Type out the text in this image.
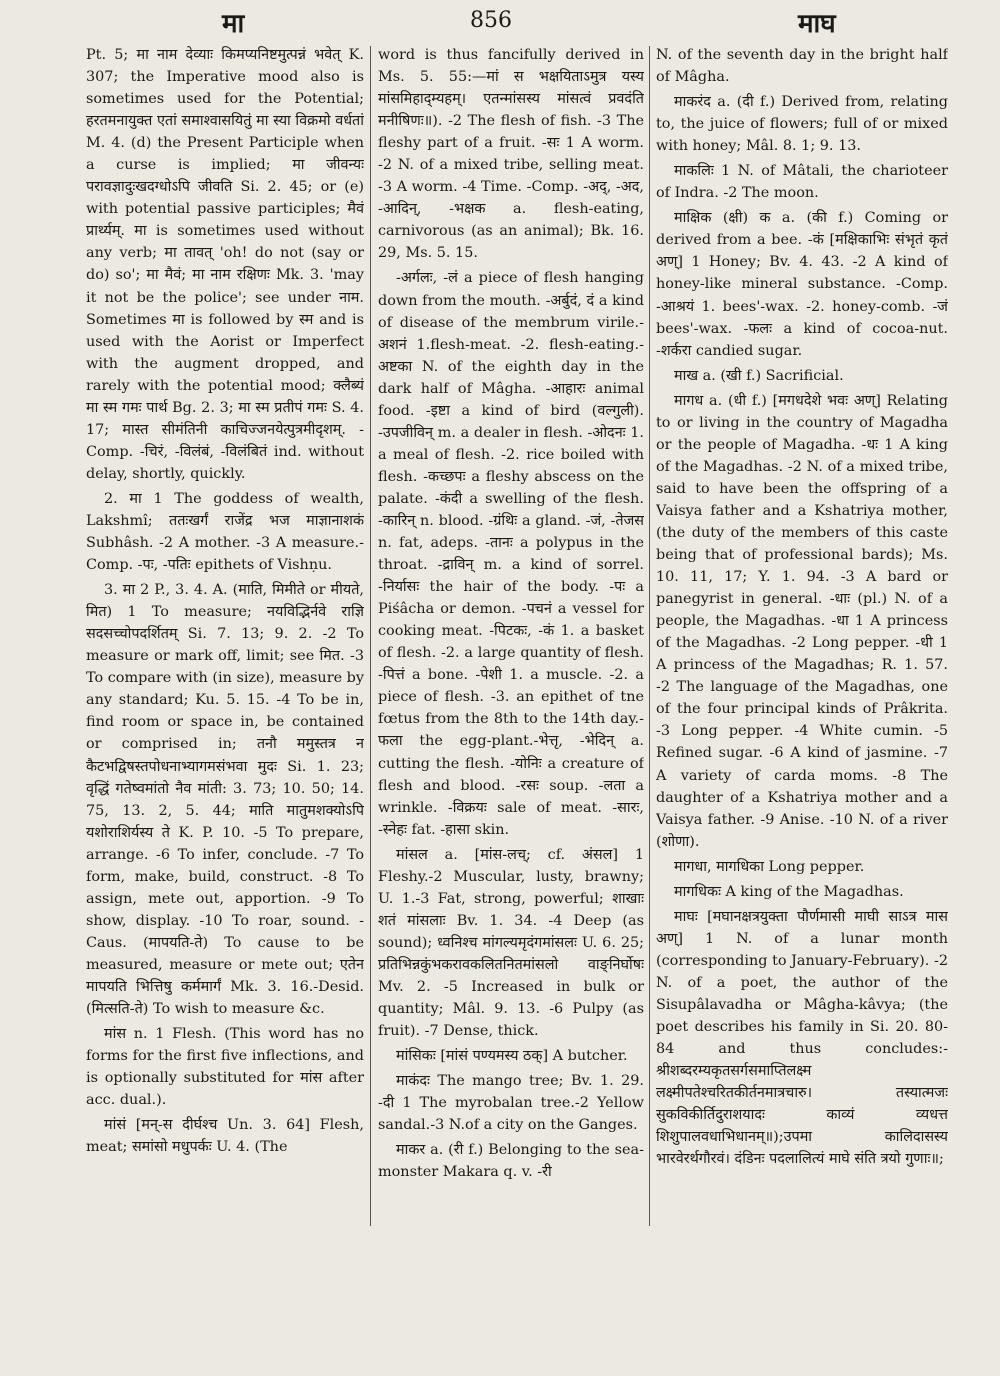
मा	856	माघ

Pt. 5; मा नाम देव्याः किमप्यनिष्टमुत्पन्नं भवेत् K. 307; the Imperative mood also is sometimes used for the Potential; हरतमनायुक्त एतां समाश्वासयितुं मा स्या विक्रमो वर्धतां M. 4. (d) the Present Participle when a curse is implied; मा जीवन्यः परावज्ञादुःखदग्धोऽपि जीवति Si. 2. 45; or (e) with potential passive participles; मैवं प्रार्थ्यम्. मा is sometimes used without any verb; मा तावत् 'oh! do not (say or do) so'; मा मैवं; मा नाम रक्षिणः Mk. 3. 'may it not be the police'; see under नाम. Sometimes मा is followed by स्म and is used with the Aorist or Imperfect with the augment dropped, and rarely with the potential mood; क्लैब्यं मा स्म गमः पार्थ Bg. 2. 3; मा स्म प्रतीपं गमः S. 4. 17; मास्त सीमंतिनी काचिज्जनयेत्पुत्रमीदृशम्. -Comp. -चिरं, -विलंबं, -विलंबितं ind. without delay, shortly, quickly.

2. मा 1 The goddess of wealth, Lakshmî; ततःखर्गं राजेंद्र भज माज्ञानाशकं Subhâsh. -2 A mother. -3 A measure.-Comp. -पः, -पतिः epithets of Vishṇu.

3. मा 2 P., 3. 4. A. (माति, मिमीते or मीयते, मित) 1 To measure; नयविद्भिर्नवे राज्ञि सदसच्चोपदर्शितम् Si. 7. 13; 9. 2. -2 To measure or mark off, limit; see मित. -3 To compare with (in size), measure by any standard; Ku. 5. 15. -4 To be in, find room or space in, be contained or comprised in; तनौ ममुस्तत्र न कैटभद्विषस्तपोधनाभ्यागमसंभवा मुदः Si. 1. 23; वृद्धिं गतेष्वमांतो नैव मांती: 3. 73; 10. 50; 14. 75, 13. 2, 5. 44; माति मातुमशक्योऽपि यशोराशिर्यस्य ते K. P. 10. -5 To prepare, arrange. -6 To infer, conclude. -7 To form, make, build, construct. -8 To assign, mete out, apportion. -9 To show, display. -10 To roar, sound. -Caus. (मापयति-ते) To cause to be measured, measure or mete out; एतेन मापयति भित्तिषु कर्ममार्गं Mk. 3. 16.-Desid. (मित्सति-ते) To wish to measure &c.

मांस n. 1 Flesh. (This word has no forms for the first five inflections, and is optionally substituted for मांस after acc. dual.).

मांसं [मन्-स दीर्घश्च Un. 3. 64] Flesh, meat; समांसो मधुपर्कः U. 4. (The

word is thus fancifully derived in Ms. 5. 55:—मां स भक्षयिताऽमुत्र यस्य मांसमिहाद्म्यहम्। एतन्मांसस्य मांसत्वं प्रवदंति मनीषिणः॥). -2 The flesh of fish. -3 The fleshy part of a fruit. -सः 1 A worm. -2 N. of a mixed tribe, selling meat. -3 A worm. -4 Time. -Comp. -अद्, -अद, -आदिन्, -भक्षक a. flesh-eating, carnivorous (as an animal); Bk. 16. 29, Ms. 5. 15.

-अर्गलः, -लं a piece of flesh hanging down from the mouth. -अर्बुदं, दं a kind of disease of the membrum virile.-अशनं 1.flesh-meat. -2. flesh-eating.-अष्टका N. of the eighth day in the dark half of Mâgha. -आहारः animal food. -इष्टा a kind of bird (वल्गुली). -उपजीविन् m. a dealer in flesh. -ओदनः 1. a meal of flesh. -2. rice boiled with flesh. -कच्छपः a fleshy abscess on the palate. -कंदी a swelling of the flesh. -कारिन् n. blood. -ग्रंथिः a gland. -जं, -तेजस n. fat, adeps. -तानः a polypus in the throat. -द्राविन् m. a kind of sorrel. -निर्यासः the hair of the body. -पः a Piśâcha or demon. -पचनं a vessel for cooking meat. -पिटकः, -कं 1. a basket of flesh. -2. a large quantity of flesh. -पित्तं a bone. -पेशी 1. a muscle. -2. a piece of flesh. -3. an epithet of tne fœtus from the 8th to the 14th day.-फला the egg-plant.-भेत्तृ, -भेदिन् a. cutting the flesh. -योनिः a creature of flesh and blood. -रसः soup. -लता a wrinkle. -विक्रयः sale of meat. -सारः, -स्नेहः fat. -हासा skin.

मांसल a. [मांस-लच्; cf. अंसल] 1 Fleshy.-2 Muscular, lusty, brawny; U. 1.-3 Fat, strong, powerful; शाखाः शतं मांसलाः Bv. 1. 34. -4 Deep (as sound); ध्वनिश्च मांगल्यमृदंगमांसलः U. 6. 25; प्रतिभिन्नकुंभकरावकलितनितमांसलो वाङ्निर्घोषः Mv. 2. -5 Increased in bulk or quantity; Mâl. 9. 13. -6 Pulpy (as fruit). -7 Dense, thick.

मांसिकः [मांसं पण्यमस्य ठक्] A butcher.

माकंदः The mango tree; Bv. 1. 29. -दी 1 The myrobalan tree.-2 Yellow sandal.-3 N.of a city on the Ganges.

माकर a. (री f.) Belonging to the sea-monster Makara q. v. -री

N. of the seventh day in the bright half of Mâgha.

माकरंद a. (दी f.) Derived from, relating to, the juice of flowers; full of or mixed with honey; Mâl. 8. 1; 9. 13.

माकलिः 1 N. of Mâtali, the charioteer of Indra. -2 The moon.

माक्षिक (क्षी) क a. (की f.) Coming or derived from a bee. -कं [मक्षिकाभिः संभृतं कृतं अण्] 1 Honey; Bv. 4. 43. -2 A kind of honey-like mineral substance. -Comp. -आश्रयं 1. bees'-wax. -2. honey-comb. -जं bees'-wax. -फलः a kind of cocoa-nut. -शर्करा candied sugar.

माख a. (खी f.) Sacrificial.

मागध a. (धी f.) [मगधदेशे भवः अण्] Relating to or living in the country of Magadha or the people of Magadha. -धः 1 A king of the Magadhas. -2 N. of a mixed tribe, said to have been the offspring of a Vaisya father and a Kshatriya mother, (the duty of the members of this caste being that of professional bards); Ms. 10. 11, 17; Y. 1. 94. -3 A bard or panegyrist in general. -धाः (pl.) N. of a people, the Magadhas. -धा 1 A princess of the Magadhas. -2 Long pepper. -धी 1 A princess of the Magadhas; R. 1. 57. -2 The language of the Magadhas, one of the four principal kinds of Prâkrita. -3 Long pepper. -4 White cumin. -5 Refined sugar. -6 A kind of jasmine. -7 A variety of carda moms. -8 The daughter of a Kshatriya mother and a Vaisya father. -9 Anise. -10 N. of a river (शोणा).

मागधा, मागधिका Long pepper.

मागधिकः A king of the Magadhas.

माघः [मघानक्षत्रयुक्ता पौर्णमासी माघी साऽत्र मास अण्] 1 N. of a lunar month (corresponding to January-February). -2 N. of a poet, the author of the Sisupâlavadha or Mâgha-kâvya; (the poet describes his family in Si. 20. 80-84 and thus concludes:-श्रीशब्दरम्यकृतसर्गसमाप्तिलक्ष्म लक्ष्मीपतेश्चरितकीर्तनमात्रचारु। तस्यात्मजः सुकविकीर्तिदुराशयादः काव्यं व्यधत्त शिशुपालवधाभिधानम्॥);उपमा कालिदासस्य भारवेरर्थगौरवं। दंडिनः पदलालित्यं माघे संति त्रयो गुणाः॥;
